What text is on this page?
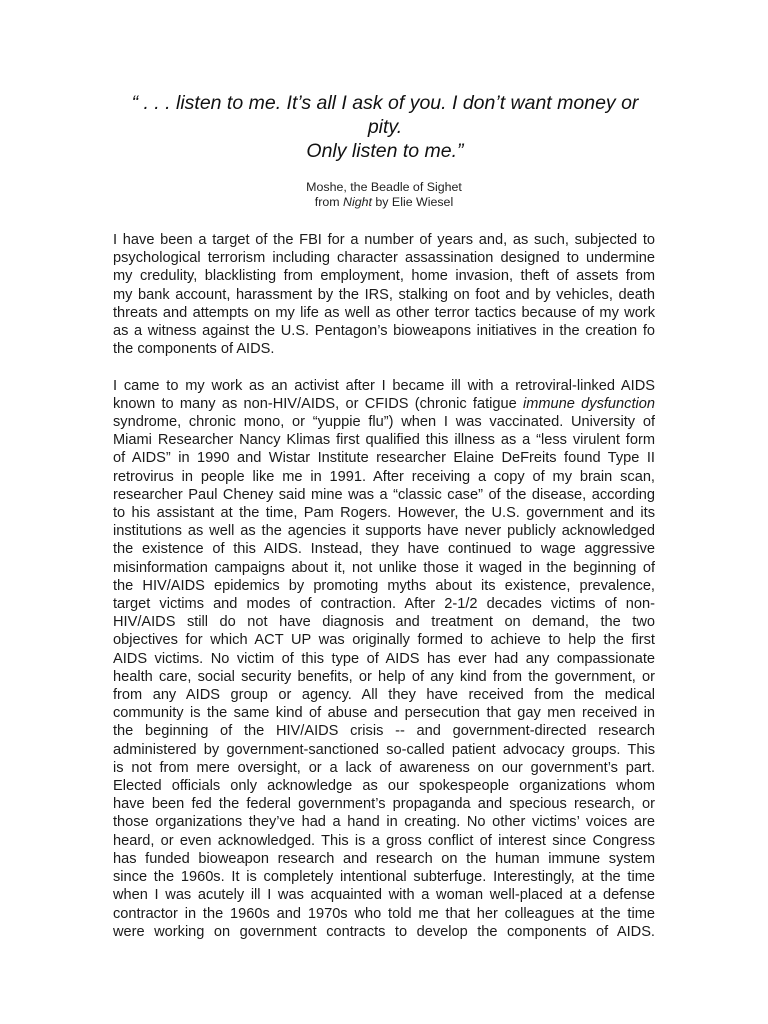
“ . . . listen to me. It’s all I ask of you. I don’t want money or
pity.
Only listen to me.”
Moshe, the Beadle of Sighet
from Night by Elie Wiesel

I have been a target of the FBI for a number of years and, as such, subjected to
psychological terrorism including character assassination designed to undermine
my credulity, blacklisting from employment, home invasion, theft of assets from
my bank account, harassment by the IRS, stalking on foot and by vehicles, death
threats and attempts on my life as well as other terror tactics because of my work
as a witness against the U.S. Pentagon’s bioweapons initiatives in the creation fo
the components of AIDS.

I came to my work as an activist after I became ill with a retroviral-linked AIDS
known to many as non-HIV/AIDS, or CFIDS (chronic fatigue immune dysfunction
syndrome, chronic mono, or “yuppie flu”) when I was vaccinated. University of
Miami Researcher Nancy Klimas first qualified this illness as a “less virulent form
of AIDS” in 1990 and Wistar Institute researcher Elaine DeFreits found Type II
retrovirus in people like me in 1991. After receiving a copy of my brain scan,
researcher Paul Cheney said mine was a “classic case” of the disease, according
to his assistant at the time, Pam Rogers. However, the U.S. government and its
institutions as well as the agencies it supports have never publicly acknowledged
the existence of this AIDS. Instead, they have continued to wage aggressive
misinformation campaigns about it, not unlike those it waged in the beginning of
the HIV/AIDS epidemics by promoting myths about its existence, prevalence,
target victims and modes of contraction. After 2-1/2 decades victims of non-
HIV/AIDS still do not have diagnosis and treatment on demand, the two
objectives for which ACT UP was originally formed to achieve to help the first
AIDS victims. No victim of this type of AIDS has ever had any compassionate
health care, social security benefits, or help of any kind from the government, or
from any AIDS group or agency. All they have received from the medical
community is the same kind of abuse and persecution that gay men received in
the beginning of the HIV/AIDS crisis -- and government-directed research
administered by government-sanctioned so-called patient advocacy groups. This
is not from mere oversight, or a lack of awareness on our government’s part.
Elected officials only acknowledge as our spokespeople organizations whom
have been fed the federal government’s propaganda and specious research, or
those organizations they’ve had a hand in creating. No other victims’ voices are
heard, or even acknowledged. This is a gross conflict of interest since Congress
has funded bioweapon research and research on the human immune system
since the 1960s. It is completely intentional subterfuge. Interestingly, at the time
when I was acutely ill I was acquainted with a woman well-placed at a defense
contractor in the 1960s and 1970s who told me that her colleagues at the time
were working on government contracts to develop the components of AIDS.
